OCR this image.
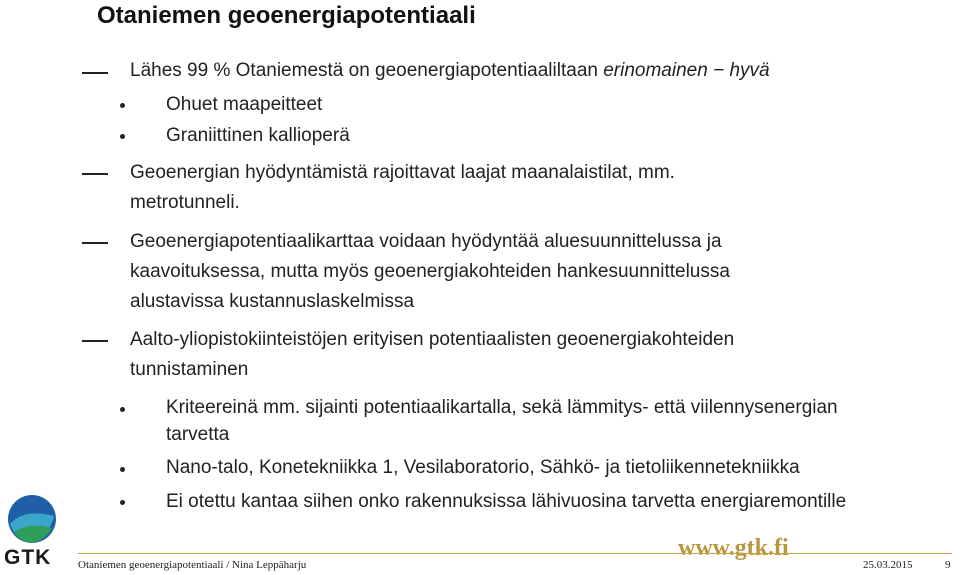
Otaniemen geoenergiapotentiaali
Lähes 99 % Otaniemestä on geoenergiapotentiaaliltaan erinomainen − hyvä
Ohuet maapeitteet
Graniittinen kallioperä
Geoenergian hyödyntämistä rajoittavat laajat maanalaistilat, mm.
metrotunneli.
Geoenergiapotentiaalikarttaa voidaan hyödyntää aluesuunnittelussa ja
kaavoituksessa, mutta myös geoenergiakohteiden hankesuunnittelussa
alustavissa kustannuslaskelmissa
Aalto-yliopistokiinteistöjen erityisen potentiaalisten geoenergiakohteiden
tunnistaminen
Kriteereinä mm. sijainti potentiaalikartalla, sekä lämmitys- että viilennysenergian
tarvetta
Nano-talo, Konetekniikka 1, Vesilaboratorio, Sähkö- ja tietoliikennetekniikka
Ei otettu kantaa siihen onko rakennuksissa lähivuosina tarvetta energiaremontille
GTK	www.gtk.fi
Otaniemen geoenergiapotentiaali / Nina Leppäharju	25.03.2015	9
